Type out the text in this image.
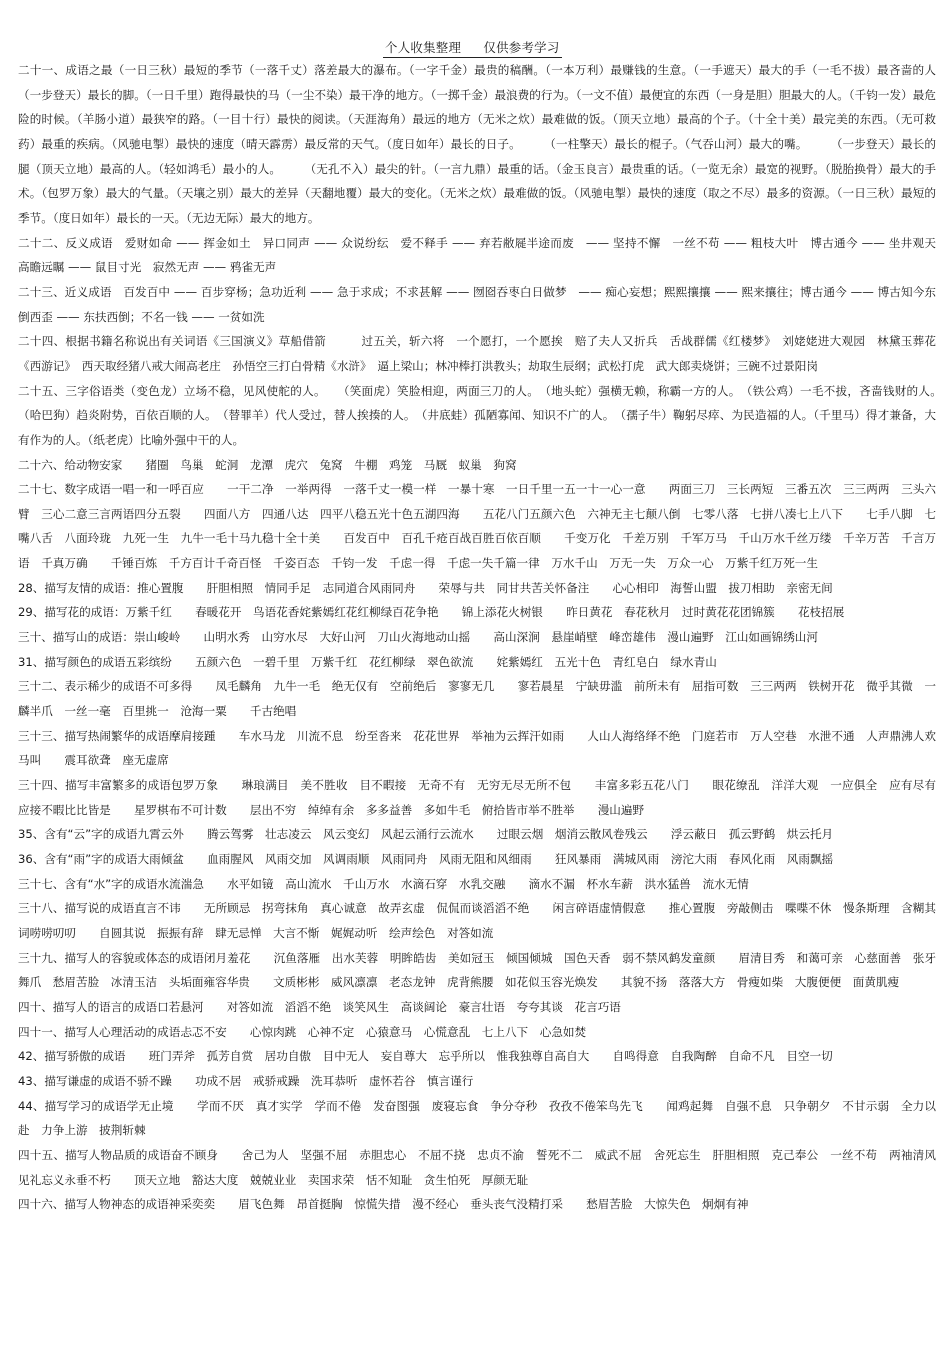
个人收集整理 仅供参考学习

二十一、成语之最（一日三秋）最短的季节（一落千丈）落差最大的瀑布。（一字千金）最贵的稿酬。（一本万利）最赚钱的生意。（一手遮天）最大的手（一毛不拔）最吝啬的人（一步登天）最长的脚。（一日千里）跑得最快的马（一尘不染）最干净的地方。（一掷千金）最浪费的行为。（一文不值）最便宜的东西（一身是胆）胆最大的人。（千钧一发）最危险的时候。（羊肠小道）最狭窄的路。（一目十行）最快的阅读。（天涯海角）最远的地方（无米之炊）最难做的饭。（顶天立地）最高的个子。（十全十美）最完美的东西。（无可救药）最重的疾病。（风驰电掣）最快的速度（晴天霹雳）最反常的天气。（度日如年）最长的日子。　　　（一柱擎天）最长的棍子。（气吞山河）最大的嘴。　　　（一步登天）最长的腿（顶天立地）最高的人。（轻如鸿毛）最小的人。　　　（无孔不入）最尖的针。（一言九鼎）最重的话。（金玉良言）最贵重的话。（一览无余）最宽的视野。（脱胎换骨）最大的手术。（包罗万象）最大的气量。（天壤之别）最大的差异（天翻地覆）最大的变化。（无米之炊）最难做的饭。（风驰电掣）最快的速度（取之不尽）最多的资源。（一日三秋）最短的季节。（度日如年）最长的一天。（无边无际）最大的地方。

二十二、反义成语　爱财如命 —— 挥金如土　异口同声 —— 众说纷纭　爱不释手 —— 弃若敝屣半途而废　—— 坚持不懈　一丝不苟 —— 粗枝大叶　博古通今 —— 坐井观天　高瞻远瞩 —— 鼠目寸光　寂然无声 —— 鸦雀无声

二十三、近义成语　百发百中 —— 百步穿杨；急功近利 —— 急于求成；不求甚解 —— 囫囵吞枣白日做梦　—— 痴心妄想；熙熙攘攘 —— 熙来攘往；博古通今 —— 博古知今东倒西歪 —— 东扶西倒；不名一钱 —— 一贫如洗

二十四、根据书籍名称说出有关词语《三国演义》草船借箭　　　过五关，斩六将　一个愿打，一个愿挨　赔了夫人又折兵　舌战群儒《红楼梦》　刘姥姥进大观园　林黛玉葬花《西游记》　西天取经猪八戒大闹高老庄　孙悟空三打白骨精《水浒》　逼上梁山；林冲棒打洪教头；劫取生辰纲；武松打虎　武大郎卖烧饼；三碗不过景阳岗

二十五、三字俗语类（变色龙）立场不稳，见风使舵的人。　　（笑面虎）笑脸相迎，两面三刀的人。　（地头蛇）强横无赖，称霸一方的人。　（铁公鸡）一毛不拔，吝啬钱财的人。　（哈巴狗）趋炎附势，百依百顺的人。　（替罪羊）代人受过，替人挨揍的人。　（井底蛙）孤陋寡闻、知识不广的人。　（孺子牛）鞠躬尽瘁、为民造福的人。（千里马）得才兼备，大有作为的人。（纸老虎）比喻外强中干的人。

二十六、给动物安家　　猪圈　鸟巢　蛇洞　龙潭　虎穴　兔窝　牛棚　鸡笼　马厩　蚁巢　狗窝

二十七、数字成语一唱一和一呼百应　　一干二净　一举两得　一落千丈一模一样　一暴十寒　一日千里一五一十一心一意　　两面三刀　三长两短　三番五次　三三两两　三头六臂　三心二意三言两语四分五裂　　四面八方　四通八达　四平八稳五光十色五湖四海　　五花八门五颜六色　六神无主七颠八倒　七零八落　七拼八凑七上八下　　七手八脚　七嘴八舌　八面玲珑　九死一生　九牛一毛十马九稳十全十美　　百发百中　百孔千疮百战百胜百依百顺　　千变万化　千差万别　千军万马　千山万水千丝万缕　千辛万苦　千言万语　千真万确　　千锤百炼　千方百计千奇百怪　千姿百态　千钧一发　千虑一得　千虑一失千篇一律　万水千山　万无一失　万众一心　万紫千红万死一生

28、描写友情的成语：推心置腹　　肝胆相照　情同手足　志同道合风雨同舟　　荣辱与共　同甘共苦关怀备注　　心心相印　海誓山盟　拔刀相助　亲密无间

29、描写花的成语：万紫千红　　春暖花开　鸟语花香姹紫嫣红花红柳绿百花争艳　　锦上添花火树银　　昨日黄花　春花秋月　过时黄花花团锦簇　　花枝招展

三十、描写山的成语：崇山峻岭　　山明水秀　山穷水尽　大好山河　刀山火海地动山摇　　高山深涧　悬崖峭壁　峰峦雄伟　漫山遍野　江山如画锦绣山河

31、描写颜色的成语五彩缤纷　　五颜六色　一碧千里　万紫千红　花红柳绿　翠色欲流　　姹紫嫣红　五光十色　青红皂白　绿水青山

三十二、表示稀少的成语不可多得　　凤毛麟角　九牛一毛　绝无仅有　空前绝后　寥寥无几　　寥若晨星　宁缺毋滥　前所未有　屈指可数　三三两两　铁树开花　微乎其微　一麟半爪　一丝一毫　百里挑一　沧海一粟　　千古绝唱

三十三、描写热闹繁华的成语摩肩接踵　　车水马龙　川流不息　纷至沓来　花花世界　举袖为云挥汗如雨　　人山人海络绎不绝　门庭若市　万人空巷　水泄不通　人声鼎沸人欢马叫　　震耳欲聋　座无虚席

三十四、描写丰富繁多的成语包罗万象　　琳琅满目　美不胜收　目不暇接　无奇不有　无穷无尽无所不包　　丰富多彩五花八门　　眼花缭乱　洋洋大观　一应俱全　应有尽有　应接不暇比比皆是　　星罗棋布不可计数　　层出不穷　绰绰有余　多多益善　多如牛毛　俯拾皆市举不胜举　　漫山遍野

35、含有“云”字的成语九霄云外　　腾云驾雾　壮志凌云　风云变幻　风起云涌行云流水　　过眼云烟　烟消云散风卷残云　　浮云蔽日　孤云野鹤　烘云托月

36、含有“雨”字的成语大雨倾盆　　血雨腥风　风雨交加　风调雨顺　风雨同舟　风雨无阻和风细雨　　狂风暴雨　满城风雨　滂沱大雨　春风化雨　风雨飘摇

三十七、含有“水”字的成语水流湍急　　水平如镜　高山流水　千山万水　水滴石穿　水乳交融　　滴水不漏　杯水车薪　洪水猛兽　流水无情

三十八、描写说的成语直言不讳　　无所顾忌　拐弯抹角　真心诚意　故弄玄虚　侃侃而谈滔滔不绝　　闲言碎语虚情假意　　推心置腹　旁敲侧击　喋喋不休　慢条斯理　含糊其词唠唠叨叨　　自圆其说　振振有辞　肆无忌惮　大言不惭　娓娓动听　绘声绘色　对答如流

三十九、描写人的容貌或体态的成语闭月羞花　　沉鱼落雁　出水芙蓉　明眸皓齿　美如冠玉　倾国倾城　国色天香　弱不禁风鹤发童颜　　眉清目秀　和蔼可亲　心慈面善　张牙舞爪　愁眉苦脸　冰清玉洁　头垢面雍容华贵　　文质彬彬　威风凛凛　老态龙钟　虎背熊腰　如花似玉容光焕发　　其貌不扬　落落大方　骨瘦如柴　大腹便便　面黄肌瘦

四十、描写人的语言的成语口若悬河　　对答如流　滔滔不绝　谈笑风生　高谈阔论　豪言壮语　夸夸其谈　花言巧语

四十一、描写人心理活动的成语忐忑不安　　心惊肉跳　心神不定　心猿意马　心慌意乱　七上八下　心急如焚

42、描写骄傲的成语　　班门弄斧　孤芳自赏　居功自傲　目中无人　妄自尊大　忘乎所以　惟我独尊自高自大　　自鸣得意　自我陶醉　自命不凡　目空一切

43、描写谦虚的成语不骄不躁　　功成不居　戒骄戒躁　洗耳恭听　虚怀若谷　慎言谨行

44、描写学习的成语学无止境　　学而不厌　真才实学　学而不倦　发奋图强　废寝忘食　争分夺秒　孜孜不倦笨鸟先飞　　闻鸡起舞　自强不息　只争朝夕　不甘示弱　全力以赴　力争上游　披荆斩棘

四十五、描写人物品质的成语奋不顾身　　舍己为人　坚强不屈　赤胆忠心　不屈不挠　忠贞不渝　誓死不二　威武不屈　舍死忘生　肝胆相照　克己奉公　一丝不苟　两袖清风　见礼忘义永垂不朽　　顶天立地　豁达大度　兢兢业业　卖国求荣　恬不知耻　贪生怕死　厚颜无耻

四十六、描写人物神态的成语神采奕奕　　眉飞色舞　昂首挺胸　惊慌失措　漫不经心　垂头丧气没精打采　　愁眉苦脸　大惊失色　炯炯有神
